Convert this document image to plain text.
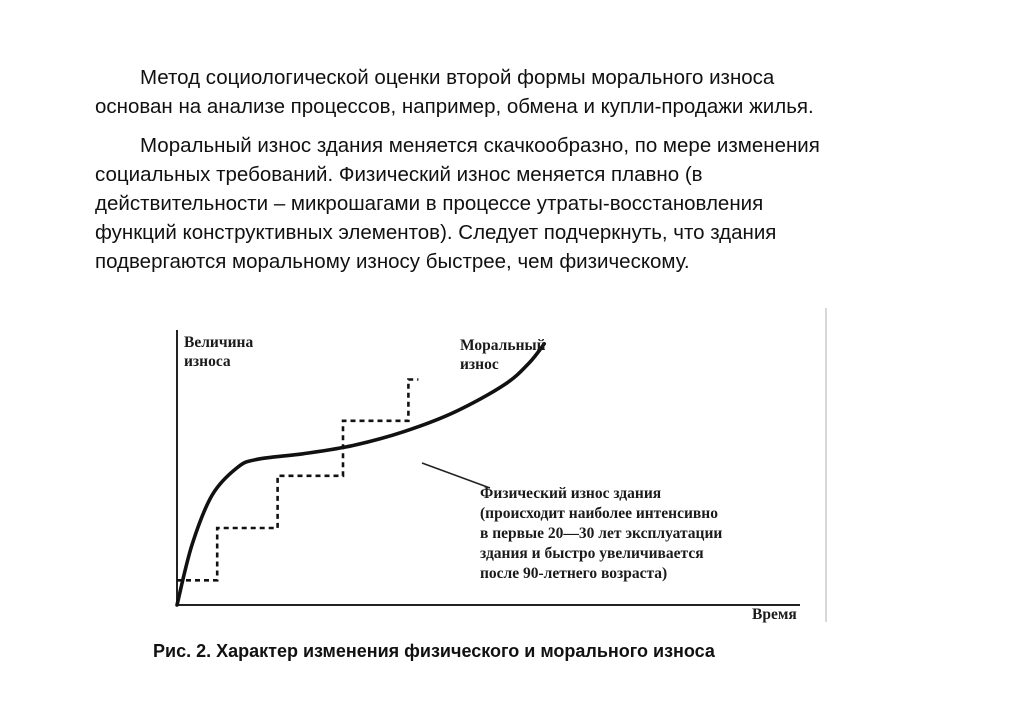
Метод социологической оценки второй формы морального износа
основан на анализе процессов, например, обмена и купли-продажи жилья.

Моральный износ здания меняется скачкообразно, по мере изменения
социальных требований. Физический износ меняется плавно (в
действительности – микрошагами в процессе утраты-восстановления
функций конструктивных элементов). Следует подчеркнуть, что здания
подвергаются моральному износу быстрее, чем физическому.

Величина
износа
Моральный
износ
Физический износ здания
(происходит наиболее интенсивно
в первые 20—30 лет эксплуатации
здания и быстро увеличивается
после 90-летнего возраста)
Время
Рис. 2. Характер изменения физического и морального износа
